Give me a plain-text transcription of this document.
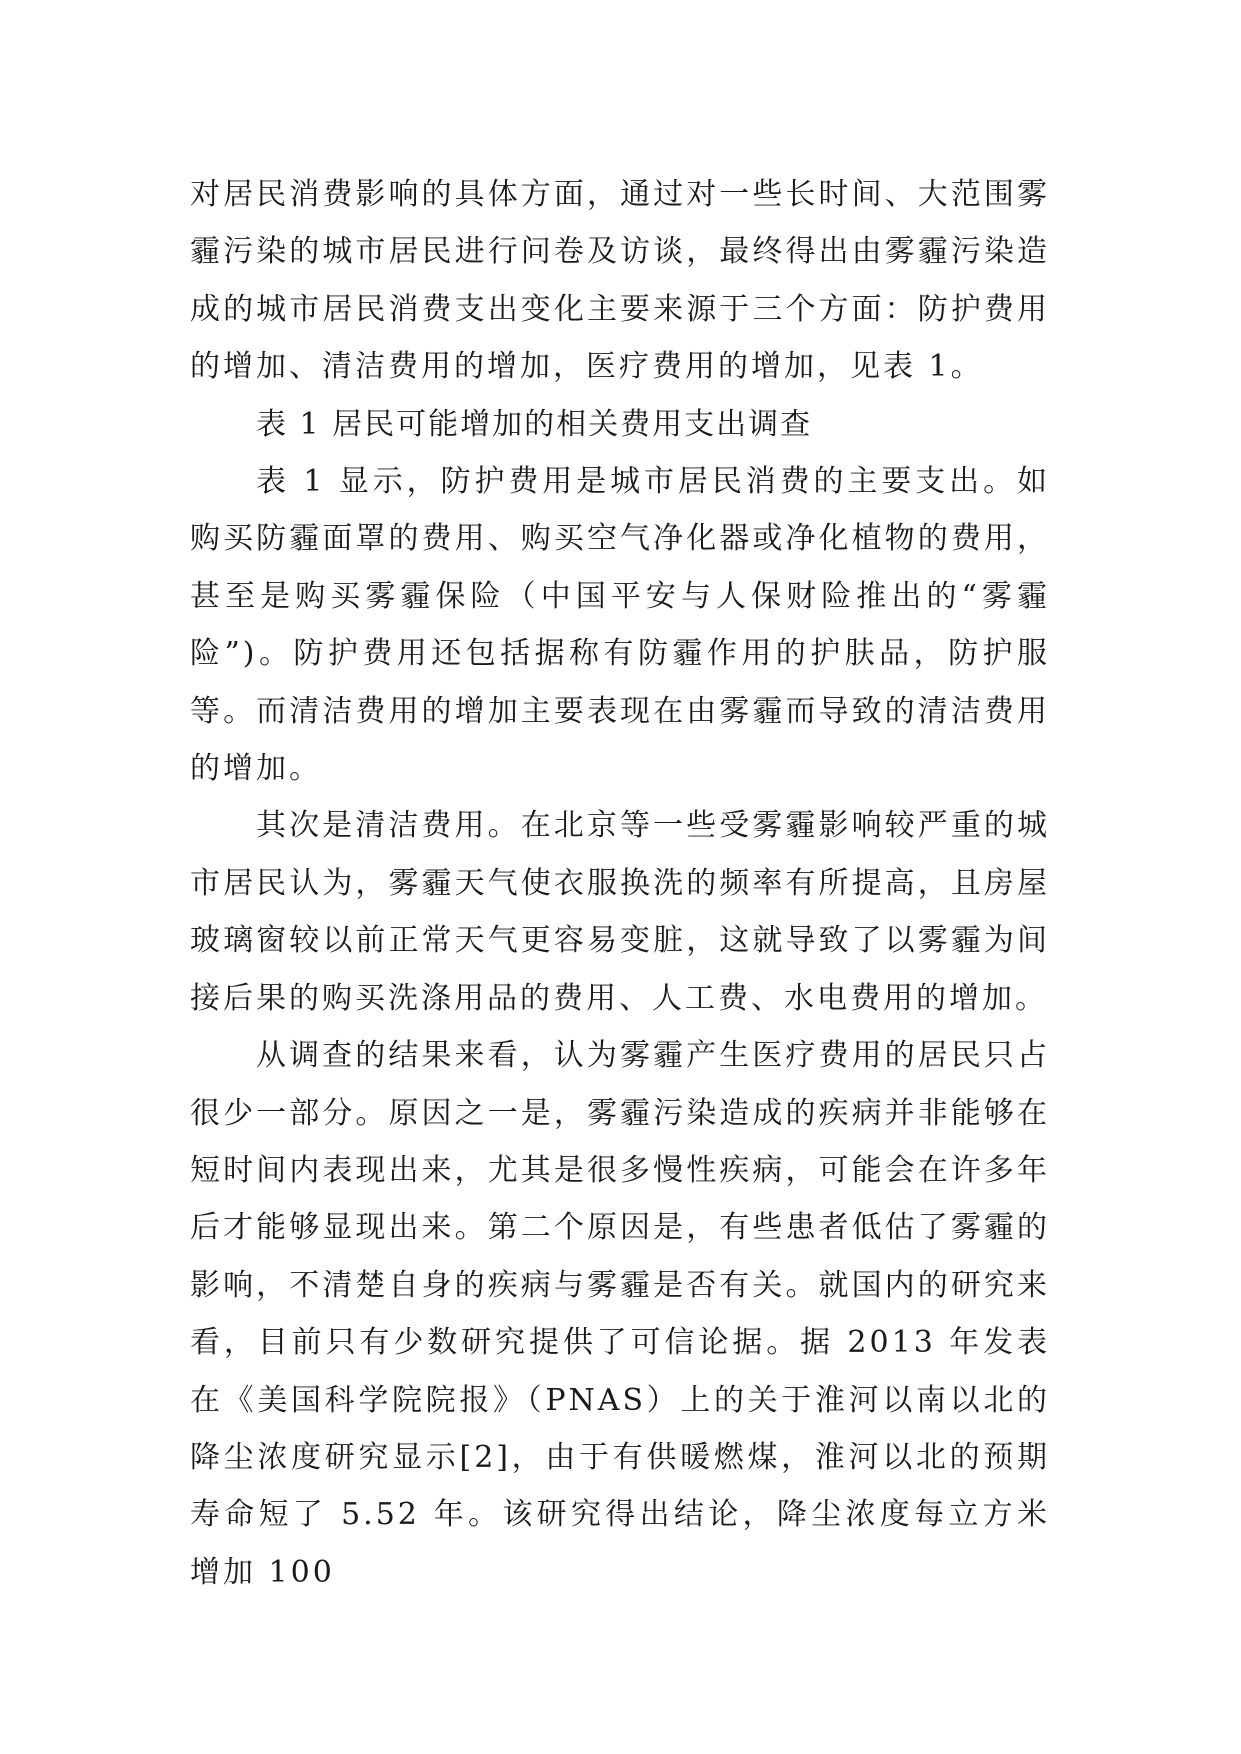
对居民消费影响的具体方面，通过对一些长时间、大范围雾霾污染的城市居民进行问卷及访谈，最终得出由雾霾污染造成的城市居民消费支出变化主要来源于三个方面：防护费用的增加、清洁费用的增加，医疗费用的增加，见表 1。

表 1 居民可能增加的相关费用支出调查

表 1 显示，防护费用是城市居民消费的主要支出。如购买防霾面罩的费用、购买空气净化器或净化植物的费用，甚至是购买雾霾保险（中国平安与人保财险推出的“雾霾险”)。防护费用还包括据称有防霾作用的护肤品，防护服等。而清洁费用的增加主要表现在由雾霾而导致的清洁费用的增加。

其次是清洁费用。在北京等一些受雾霾影响较严重的城市居民认为，雾霾天气使衣服换洗的频率有所提高，且房屋玻璃窗较以前正常天气更容易变脏，这就导致了以雾霾为间接后果的购买洗涤用品的费用、人工费、水电费用的增加。

从调查的结果来看，认为雾霾产生医疗费用的居民只占很少一部分。原因之一是，雾霾污染造成的疾病并非能够在短时间内表现出来，尤其是很多慢性疾病，可能会在许多年后才能够显现出来。第二个原因是，有些患者低估了雾霾的影响，不清楚自身的疾病与雾霾是否有关。就国内的研究来看，目前只有少数研究提供了可信论据。据 2013 年发表在《美国科学院院报》（PNAS）上的关于淮河以南以北的降尘浓度研究显示[2]，由于有供暖燃煤，淮河以北的预期寿命短了 5.52 年。该研究得出结论，降尘浓度每立方米增加 100
